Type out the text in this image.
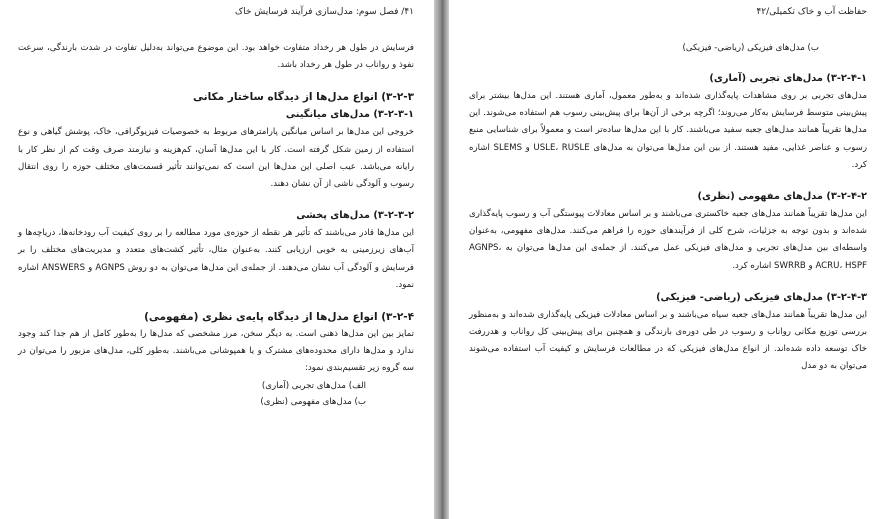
۴۱/ فصل سوم: مدل‌سازی فرآیند فرسایش خاک

فرسایش در طول هر رخداد متفاوت خواهد بود. این موضوع می‌تواند به‌دلیل تفاوت در شدت بارندگی، سرعت نفوذ و رواناب در طول هر رخداد باشد.

۳-۲-۳) انواع مدل‌ها از دیدگاه ساختار مکانی

۳-۲-۳-۱) مدل‌های میانگینی

خروجی این مدل‌ها بر اساس میانگین پارامترهای مربوط به خصوصیات فیزیوگرافی، خاک، پوشش گیاهی و نوع استفاده از زمین شکل گرفته است. کار با این مدل‌ها آسان، کم‌هزینه و نیازمند صرف وقت کم از نظر کار با رایانه می‌باشد. عیب اصلی این مدل‌ها این است که نمی‌توانند تأثیر قسمت‌های مختلف حوزه را روی انتقال رسوب و آلودگی ناشی از آن نشان دهند.

۳-۲-۳-۲) مدل‌های پخشی

این مدل‌ها قادر می‌باشند که تأثیر هر نقطه از حوزه‌ی مورد مطالعه را بر روی کیفیت آب رودخانه‌ها، دریاچه‌ها و آب‌های زیرزمینی به خوبی ارزیابی کنند. به‌عنوان مثال، تأثیر کشت‌های متعدد و مدیریت‌های مختلف را بر فرسایش و آلودگی آب نشان می‌دهند. از جمله‌ی این مدل‌ها می‌توان به دو روش AGNPS و ANSWERS اشاره نمود.

۳-۲-۴) انواع مدل‌ها از دیدگاه پایه‌ی نظری (مفهومی)

تمایز بین این مدل‌ها ذهنی است. به دیگر سخن، مرز مشخصی که مدل‌ها را به‌طور کامل از هم جدا کند وجود ندارد و مدل‌ها دارای محدوده‌های مشترک و یا همپوشانی می‌باشند. به‌طور کلی، مدل‌های مزبور را می‌توان در سه گروه زیر تقسیم‌بندی نمود:

الف) مدل‌های تجربی (آماری)

ب) مدل‌های مفهومی (نظری)

حفاظت آب و خاک تکمیلی/۴۲

ب) مدل‌های فیزیکی (ریاضی- فیزیکی)

۳-۲-۴-۱) مدل‌های تجربی (آماری)

مدل‌های تجربی بر روی مشاهدات پایه‌گذاری شده‌اند و به‌طور معمول، آماری هستند. این مدل‌ها بیشتر برای پیش‌بینی متوسط فرسایش به‌کار می‌روند؛ اگرچه برخی از آن‌ها برای پیش‌بینی رسوب هم استفاده می‌شوند. این مدل‌ها تقریباً همانند مدل‌های جعبه سفید می‌باشند. کار با این مدل‌ها ساده‌تر است و معمولاً برای شناسایی منبع رسوب و عناصر غذایی، مفید هستند. از بین این مدل‌ها می‌توان به مدل‌های USLE، RUSLE و SLEMS اشاره کرد.

۳-۲-۴-۲) مدل‌های مفهومی (نظری)

این مدل‌ها تقریباً همانند مدل‌های جعبه خاکستری می‌باشند و بر اساس معادلات پیوستگی آب و رسوب پایه‌گذاری شده‌اند و بدون توجه به جزئیات، شرح کلی از فرآیندهای حوزه را فراهم می‌کنند. مدل‌های مفهومی، به‌عنوان واسطه‌ای بین مدل‌های تجربی و مدل‌های فیزیکی عمل می‌کنند. از جمله‌ی این مدل‌ها می‌توان به AGNPS، ACRU، HSPF و SWRRB اشاره کرد.

۳-۲-۴-۳) مدل‌های فیزیکی (ریاضی- فیزیکی)

این مدل‌ها تقریباً همانند مدل‌های جعبه سیاه می‌باشند و بر اساس معادلات فیزیکی پایه‌گذاری شده‌اند و به‌منظور بررسی توزیع مکانی رواناب و رسوب در طی دوره‌ی بارندگی و همچنین برای پیش‌بینی کل رواناب و هدررفت خاک توسعه داده شده‌اند. از انواع مدل‌های فیزیکی که در مطالعات فرسایش و کیفیت آب استفاده می‌شوند می‌توان به دو مدل
